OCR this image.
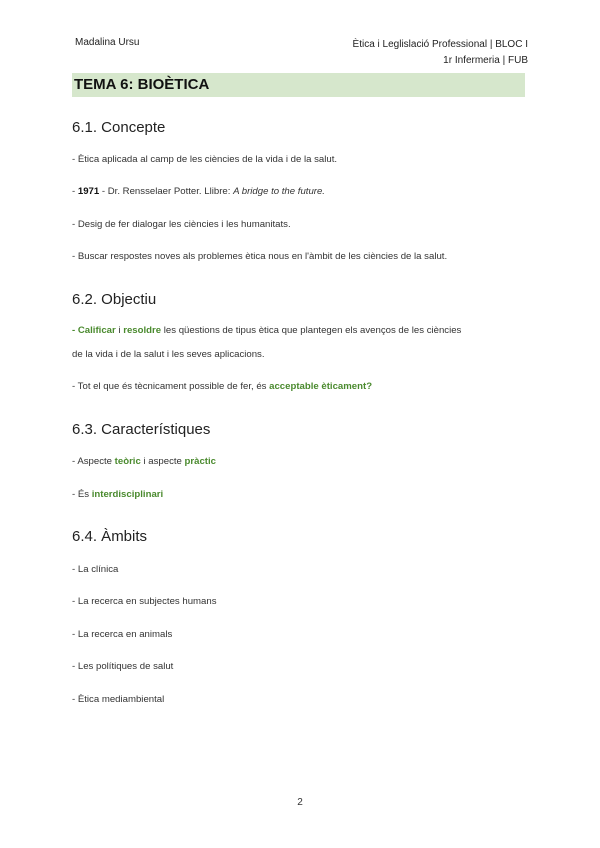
Madalina Ursu	Ètica i Leglislació Professional | BLOC I
1r Infermeria | FUB
TEMA 6: BIOÈTICA
6.1. Concepte
- Ètica aplicada al camp de les ciències de la vida i de la salut.
- 1971 - Dr. Rensselaer Potter. Llibre: A bridge to the future.
- Desig de fer dialogar les ciències i les humanitats.
- Buscar respostes noves als problemes ètica nous en l'àmbit de les ciències de la salut.
6.2. Objectiu
- Calificar i resoldre les qüestions de tipus ètica que plantegen els avenços de les ciències
de la vida i de la salut i les seves aplicacions.
- Tot el que és tècnicament possible de fer, és acceptable èticament?
6.3. Característiques
- Aspecte teòric i aspecte pràctic
- És interdisciplinari
6.4. Àmbits
- La clínica
- La recerca en subjectes humans
- La recerca en animals
- Les polítiques de salut
- Ètica mediambiental
2
